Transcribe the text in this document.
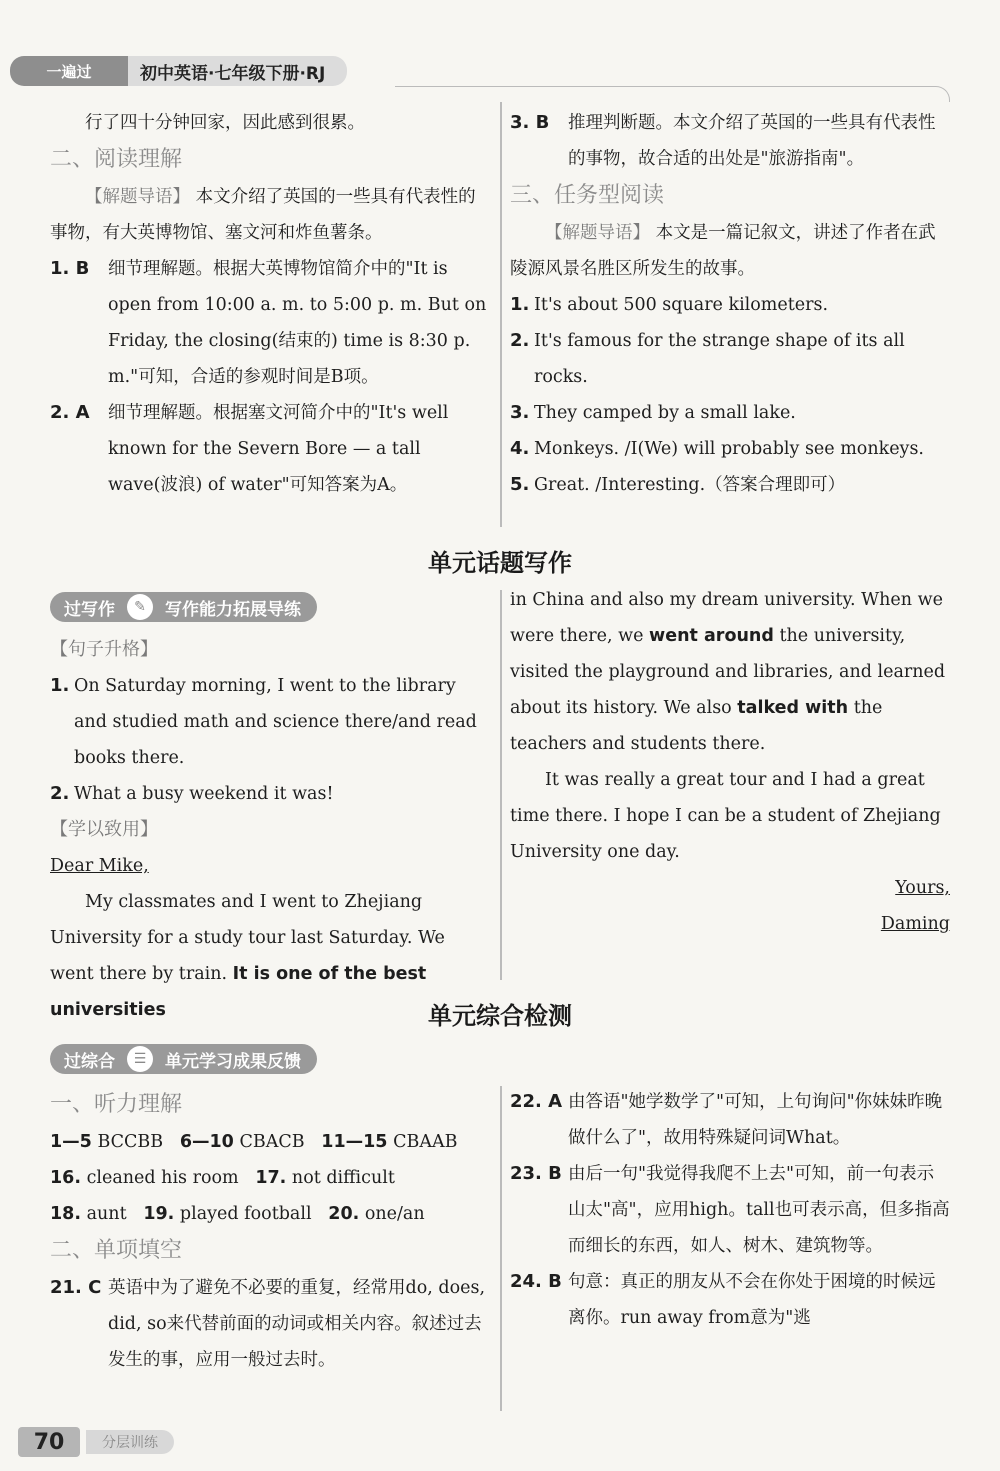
一遍过	初中英语·七年级下册·RJ
行了四十分钟回家，因此感到很累。
二、阅读理解
【解题导语】 本文介绍了英国的一些具有代表性的事物，有大英博物馆、塞文河和炸鱼薯条。
1. B	细节理解题。根据大英博物馆简介中的"It is open from 10:00 a. m. to 5:00 p. m. But on Friday, the closing(结束的) time is 8:30 p. m."可知，合适的参观时间是B项。
2. A	细节理解题。根据塞文河简介中的"It's well known for the Severn Bore — a tall wave(波浪) of water"可知答案为A。
3. B	推理判断题。本文介绍了英国的一些具有代表性的事物，故合适的出处是"旅游指南"。
三、任务型阅读
【解题导语】 本文是一篇记叙文，讲述了作者在武陵源风景名胜区所发生的故事。
1. It's about 500 square kilometers.
2. It's famous for the strange shape of its all rocks.
3. They camped by a small lake.
4. Monkeys. /I(We) will probably see monkeys.
5. Great. /Interesting.（答案合理即可）
单元话题写作
过写作	✎	写作能力拓展导练
【句子升格】
1. On Saturday morning, I went to the library and studied math and science there/and read books there.
2. What a busy weekend it was!
【学以致用】
Dear Mike,
My classmates and I went to Zhejiang University for a study tour last Saturday. We went there by train. It is one of the best universities
in China and also my dream university. When we were there, we went around the university, visited the playground and libraries, and learned about its history. We also talked with the teachers and students there.
It was really a great tour and I had a great time there. I hope I can be a student of Zhejiang University one day.
Yours,
Daming
单元综合检测
过综合	☰	单元学习成果反馈
一、听力理解
1—5 BCCBB 6—10 CBACB 11—15 CBAAB
16. cleaned his room 17. not difficult
18. aunt 19. played football 20. one/an
二、单项填空
21. C 英语中为了避免不必要的重复，经常用do, does, did, so来代替前面的动词或相关内容。叙述过去发生的事，应用一般过去时。
22. A 由答语"她学数学了"可知，上句询问"你妹妹昨晚做什么了"，故用特殊疑问词What。
23. B 由后一句"我觉得我爬不上去"可知，前一句表示山太"高"，应用high。tall也可表示高，但多指高而细长的东西，如人、树木、建筑物等。
24. B 句意：真正的朋友从不会在你处于困境的时候远离你。run away from意为"逃
70	分层训练
